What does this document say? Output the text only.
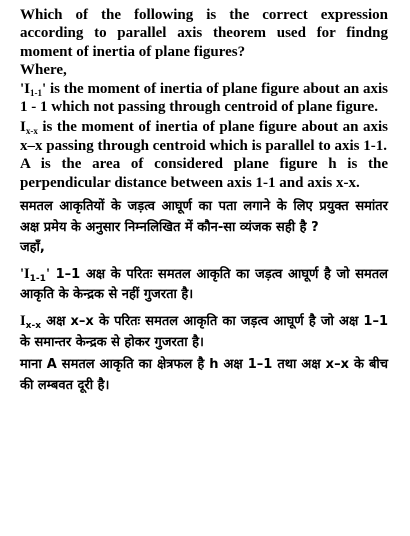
Which of the following is the correct expression according to parallel axis theorem used for findng moment of inertia of plane figures?

Where,

'$I_{1-1}$' is the moment of inertia of plane figure about an axis 1 - 1 which not passing through centroid of plane figure.

$I_{x-x}$ is the moment of inertia of plane figure about an axis x–x passing through centroid which is parallel to axis 1-1.

A is the area of considered plane figure h is the perpendicular distance between axis 1-1 and axis x-x.

समतल आकृतियों के जड़त्व आघूर्ण का पता लगाने के लिए प्रयुक्त समांतर अक्ष प्रमेय के अनुसार निम्नलिखित में कौन-सा व्यंजक सही है ?

जहाँ,

'$I_{1-1}$' 1–1 अक्ष के परितः समतल आकृति का जड़त्व आघूर्ण है जो समतल आकृति के केन्द्रक से नहीं गुजरता है।

$I_{x-x}$ अक्ष x–x के परितः समतल आकृति का जड़त्व आघूर्ण है जो अक्ष 1–1 के समान्तर केन्द्रक से होकर गुजरता है।

माना A समतल आकृति का क्षेत्रफल है h अक्ष 1–1 तथा अक्ष x–x के बीच की लम्बवत दूरी है।
